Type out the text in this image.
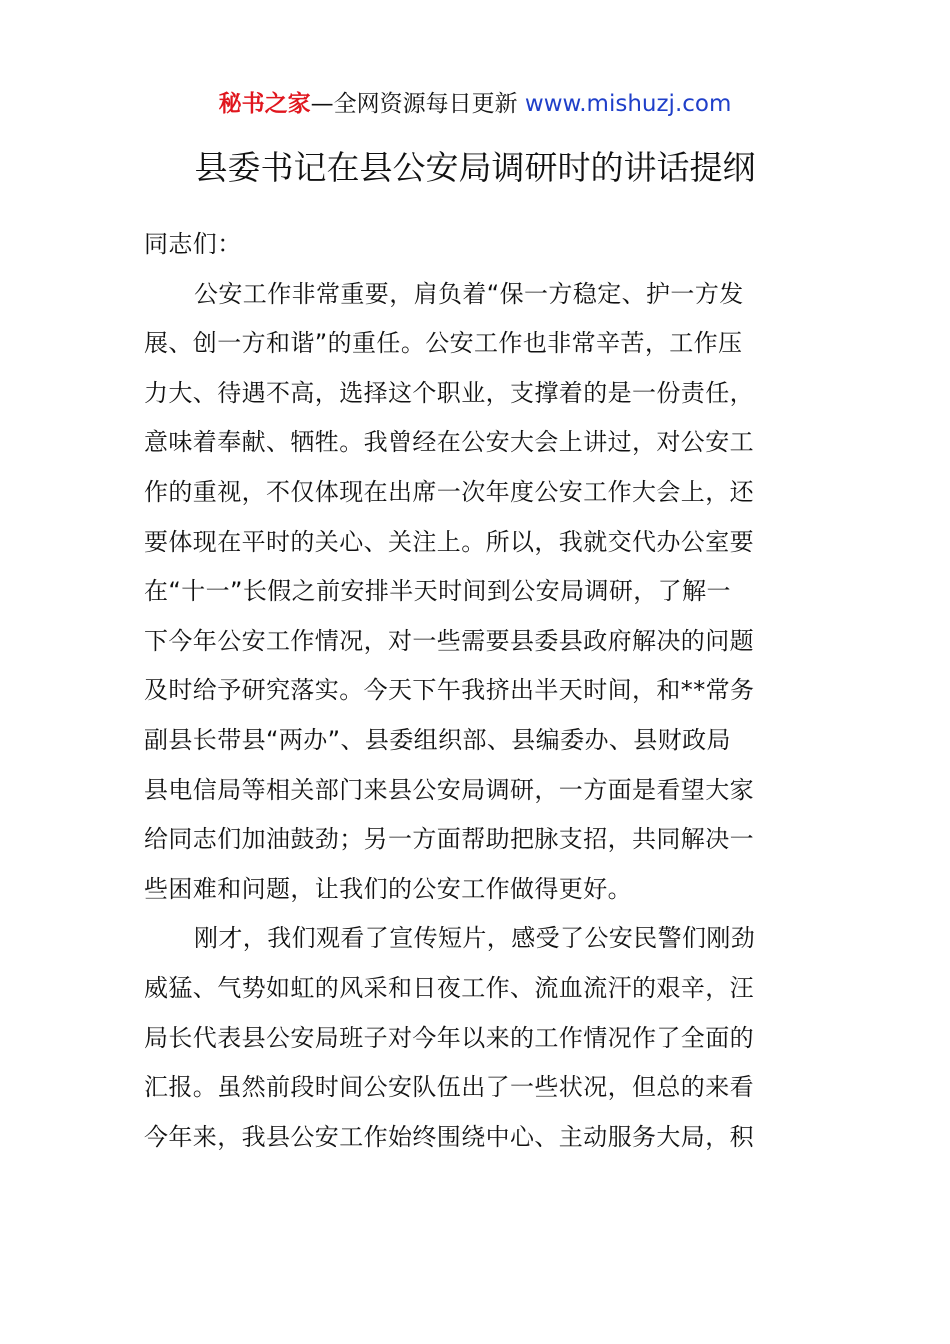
秘书之家—全网资源每日更新 www.mishuzj.com
县委书记在县公安局调研时的讲话提纲

同志们：

公安工作非常重要，肩负着“保一方稳定、护一方发
展、创一方和谐”的重任。公安工作也非常辛苦，工作压
力大、待遇不高，选择这个职业，支撑着的是一份责任，
意味着奉献、牺牲。我曾经在公安大会上讲过，对公安工
作的重视，不仅体现在出席一次年度公安工作大会上，还
要体现在平时的关心、关注上。所以，我就交代办公室要
在“十一”长假之前安排半天时间到公安局调研，了解一
下今年公安工作情况，对一些需要县委县政府解决的问题
及时给予研究落实。今天下午我挤出半天时间，和**常务
副县长带县“两办”、县委组织部、县编委办、县财政局
县电信局等相关部门来县公安局调研，一方面是看望大家
给同志们加油鼓劲；另一方面帮助把脉支招，共同解决一
些困难和问题，让我们的公安工作做得更好。

刚才，我们观看了宣传短片，感受了公安民警们刚劲
威猛、气势如虹的风采和日夜工作、流血流汗的艰辛，汪
局长代表县公安局班子对今年以来的工作情况作了全面的
汇报。虽然前段时间公安队伍出了一些状况，但总的来看
今年来，我县公安工作始终围绕中心、主动服务大局，积
